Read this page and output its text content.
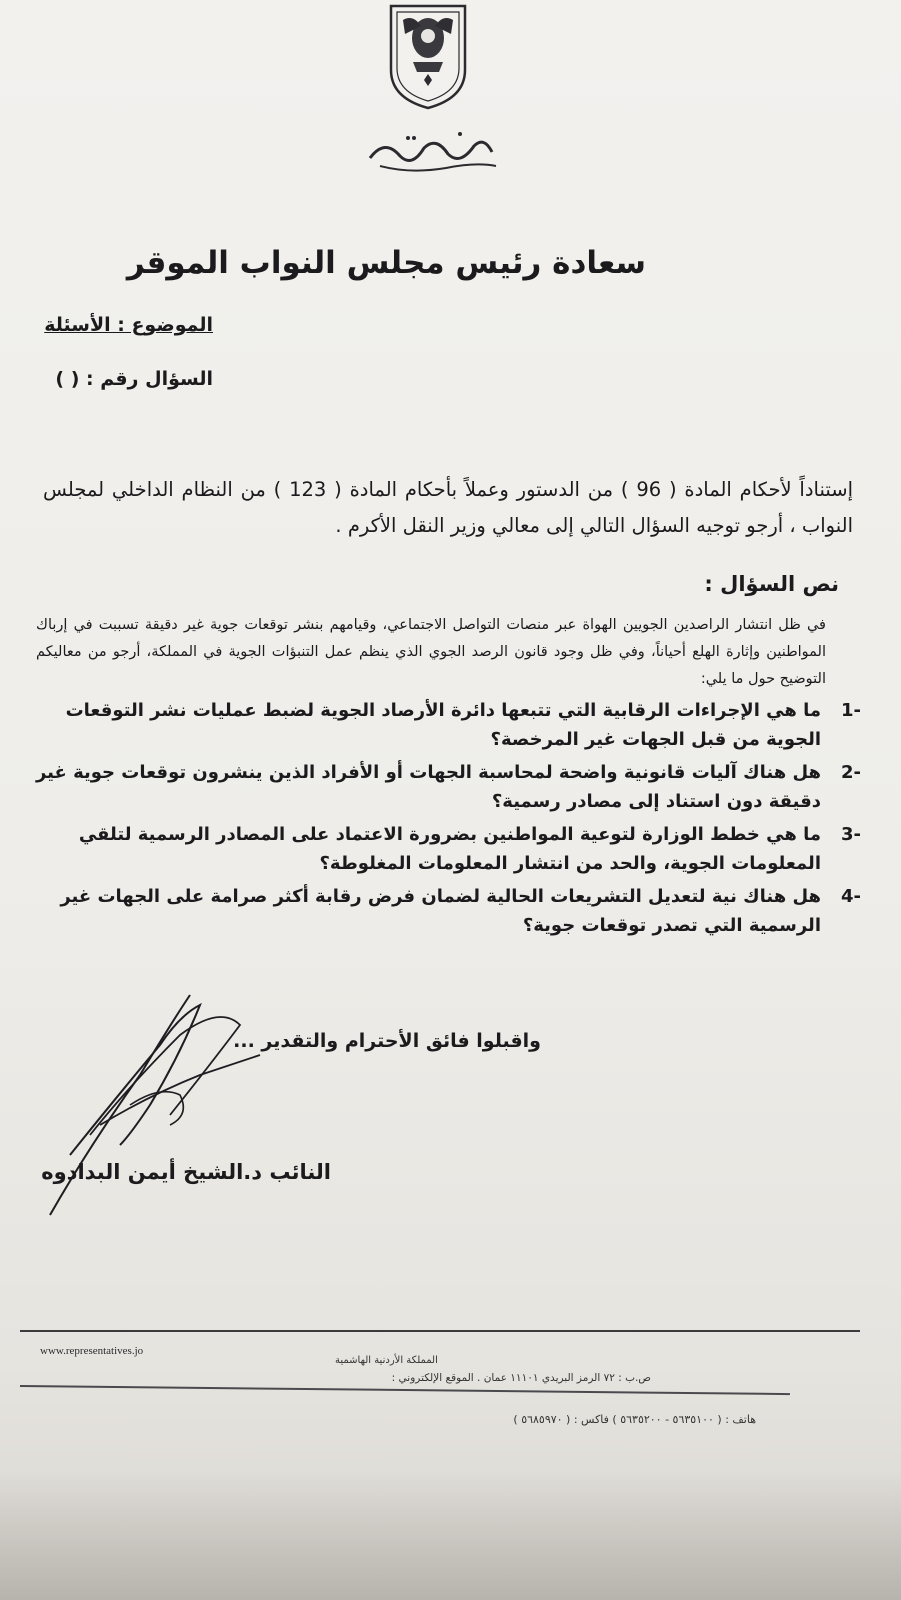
سعادة رئيس مجلس النواب الموقر
الموضوع : الأسئلة
السؤال رقم : ( )
إستناداً لأحكام المادة ( 96 ) من الدستور وعملاً بأحكام المادة ( 123 ) من النظام الداخلي لمجلس النواب ، أرجو توجيه السؤال التالي إلى معالي وزير النقل الأكرم .
نص السؤال :
في ظل انتشار الراصدين الجويين الهواة عبر منصات التواصل الاجتماعي، وقيامهم بنشر توقعات جوية غير دقيقة تسببت في إرباك المواطنين وإثارة الهلع أحياناً، وفي ظل وجود قانون الرصد الجوي الذي ينظم عمل التنبؤات الجوية في المملكة، أرجو من معاليكم التوضيح حول ما يلي:
-1
ما هي الإجراءات الرقابية التي تتبعها دائرة الأرصاد الجوية لضبط عمليات نشر التوقعات الجوية من قبل الجهات غير المرخصة؟
-2
هل هناك آليات قانونية واضحة لمحاسبة الجهات أو الأفراد الذين ينشرون توقعات جوية غير دقيقة دون استناد إلى مصادر رسمية؟
-3
ما هي خطط الوزارة لتوعية المواطنين بضرورة الاعتماد على المصادر الرسمية لتلقي المعلومات الجوية، والحد من انتشار المعلومات المغلوطة؟
-4
هل هناك نية لتعديل التشريعات الحالية لضمان فرض رقابة أكثر صرامة على الجهات غير الرسمية التي تصدر توقعات جوية؟
واقبلوا فائق الأحترام والتقدير ...
النائب د.الشيخ أيمن البدادوه
www.representatives.jo
المملكة الأردنية الهاشمية
ص.ب : ٧٢ الرمز البريدي ١١١٠١ عمان . الموقع الإلكتروني :
هاتف : ( ٥٦٣٥١٠٠ - ٥٦٣٥٢٠٠ ) فاكس : ( ٥٦٨٥٩٧٠ )
